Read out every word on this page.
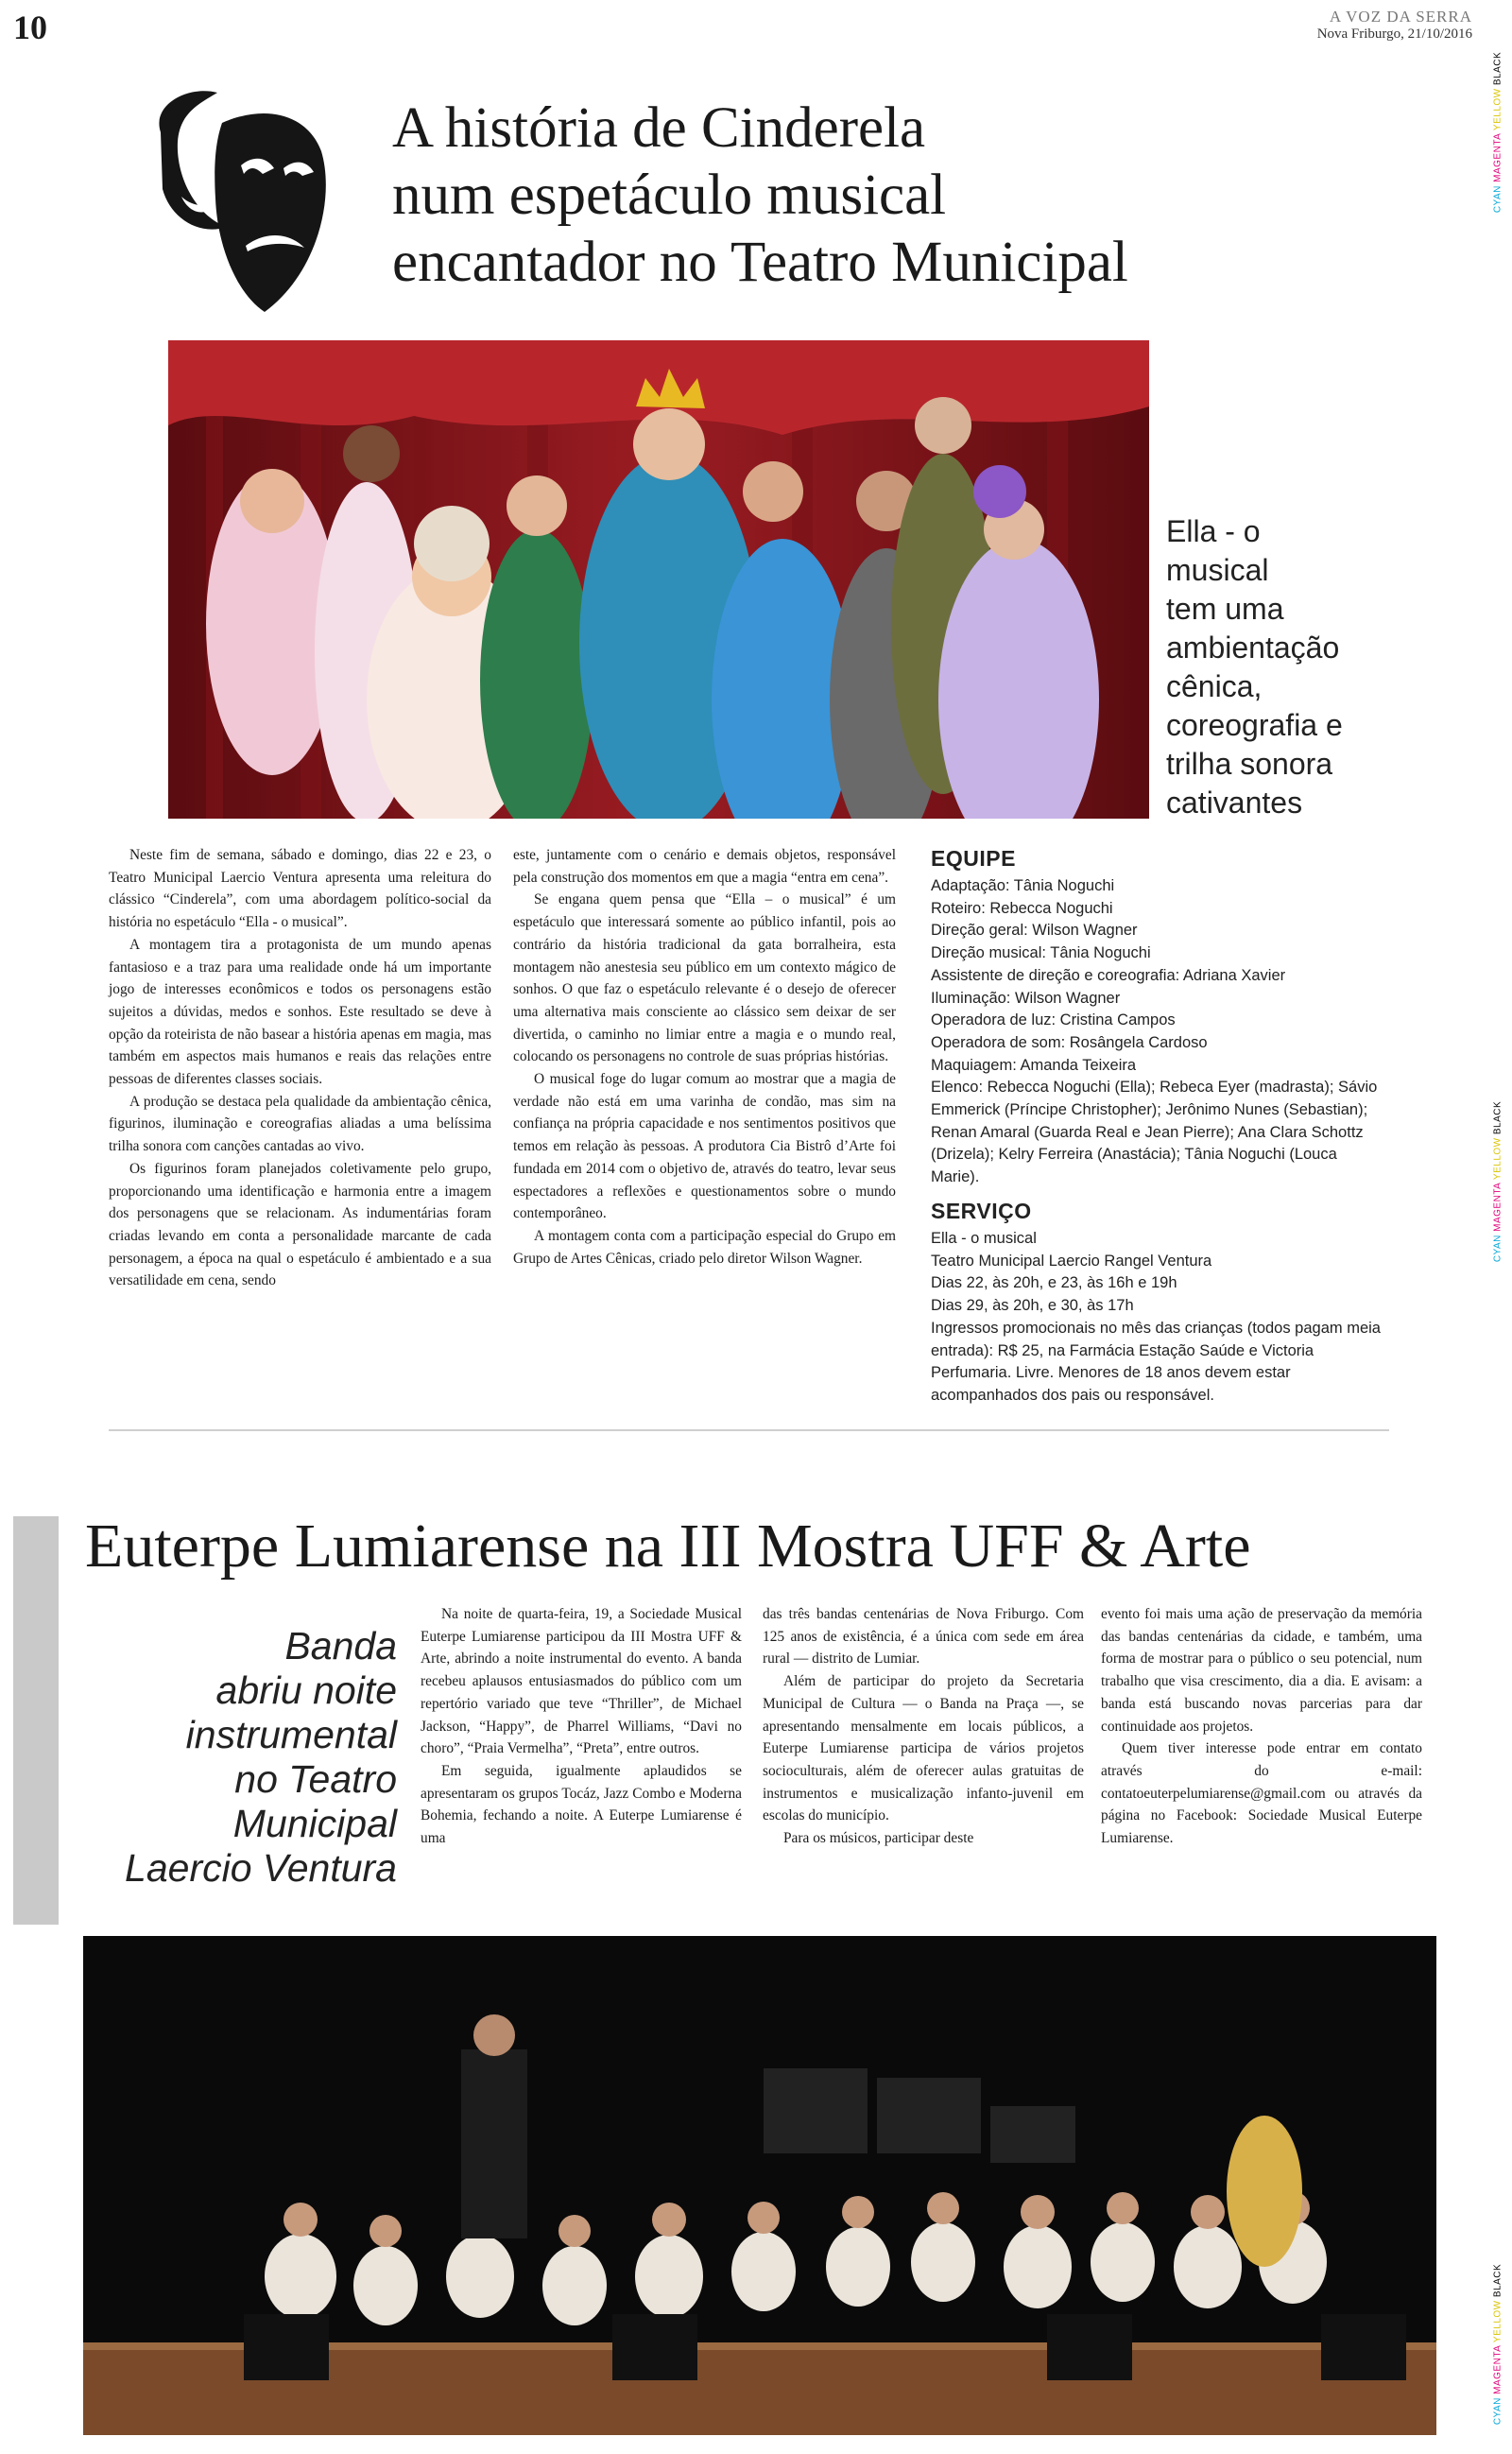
10	A VOZ DA SERRA
Nova Friburgo, 21/10/2016
CYAN MAGENTA YELLOW BLACK
CYAN MAGENTA YELLOW BLACK
CYAN MAGENTA YELLOW BLACK
A história de Cinderela
num espetáculo musical
encantador no Teatro Municipal
Ella - o
musical
tem uma
ambientação
cênica,
coreografia e
trilha sonora
cativantes

Neste fim de semana, sábado e domingo, dias 22 e 23, o Teatro Municipal Laercio Ventura apresenta uma releitura do clássico “Cinderela”, com uma abordagem político-social da história no espetáculo “Ella - o musical”.

A montagem tira a protagonista de um mundo apenas fantasioso e a traz para uma realidade onde há um importante jogo de interesses econômicos e todos os personagens estão sujeitos a dúvidas, medos e sonhos. Este resultado se deve à opção da roteirista de não basear a história apenas em magia, mas também em aspectos mais humanos e reais das relações entre pessoas de diferentes classes sociais.

A produção se destaca pela qualidade da ambientação cênica, figurinos, iluminação e coreografias aliadas a uma belíssima trilha sonora com canções cantadas ao vivo.

Os figurinos foram planejados coletivamente pelo grupo, proporcionando uma identificação e harmonia entre a imagem dos personagens que se relacionam. As indumentárias foram criadas levando em conta a personalidade marcante de cada personagem, a época na qual o espetáculo é ambientado e a sua versatilidade em cena, sendo

este, juntamente com o cenário e demais objetos, responsável pela construção dos momentos em que a magia “entra em cena”.

Se engana quem pensa que “Ella – o musical” é um espetáculo que interessará somente ao público infantil, pois ao contrário da história tradicional da gata borralheira, esta montagem não anestesia seu público em um contexto mágico de sonhos. O que faz o espetáculo relevante é o desejo de oferecer uma alternativa mais consciente ao clássico sem deixar de ser divertida, o caminho no limiar entre a magia e o mundo real, colocando os personagens no controle de suas próprias histórias.

O musical foge do lugar comum ao mostrar que a magia de verdade não está em uma varinha de condão, mas sim na confiança na própria capacidade e nos sentimentos positivos que temos em relação às pessoas. A produtora Cia Bistrô d’Arte foi fundada em 2014 com o objetivo de, através do teatro, levar seus espectadores a reflexões e questionamentos sobre o mundo contemporâneo.

A montagem conta com a participação especial do Grupo em Grupo de Artes Cênicas, criado pelo diretor Wilson Wagner.

EQUIPE
Adaptação: Tânia Noguchi
Roteiro: Rebecca Noguchi
Direção geral: Wilson Wagner
Direção musical: Tânia Noguchi
Assistente de direção e coreografia: Adriana Xavier
Iluminação: Wilson Wagner
Operadora de luz: Cristina Campos
Operadora de som: Rosângela Cardoso
Maquiagem: Amanda Teixeira
Elenco: Rebecca Noguchi (Ella); Rebeca Eyer (madrasta); Sávio Emmerick (Príncipe Christopher); Jerônimo Nunes (Sebastian); Renan Amaral (Guarda Real e Jean Pierre); Ana Clara Schottz (Drizela); Kelry Ferreira (Anastácia); Tânia Noguchi (Louca Marie).
SERVIÇO
Ella - o musical
Teatro Municipal Laercio Rangel Ventura
Dias 22, às 20h, e 23, às 16h e 19h
Dias 29, às 20h, e 30, às 17h
Ingressos promocionais no mês das crianças (todos pagam meia entrada): R$ 25, na Farmácia Estação Saúde e Victoria Perfumaria. Livre. Menores de 18 anos devem estar acompanhados dos pais ou responsável.
Euterpe Lumiarense na III Mostra UFF & Arte
Banda
abriu noite
instrumental
no Teatro
Municipal
Laercio Ventura

Na noite de quarta-feira, 19, a Sociedade Musical Euterpe Lumiarense participou da III Mostra UFF & Arte, abrindo a noite instrumental do evento. A banda recebeu aplausos entusiasmados do público com um repertório variado que teve “Thriller”, de Michael Jackson, “Happy”, de Pharrel Williams, “Davi no choro”, “Praia Vermelha”, “Preta”, entre outros.

Em seguida, igualmente aplaudidos se apresentaram os grupos Tocáz, Jazz Combo e Moderna Bohemia, fechando a noite. A Euterpe Lumiarense é uma

das três bandas centenárias de Nova Friburgo. Com 125 anos de existência, é a única com sede em área rural — distrito de Lumiar.

Além de participar do projeto da Secretaria Municipal de Cultura — o Banda na Praça —, se apresentando mensalmente em locais públicos, a Euterpe Lumiarense participa de vários projetos socioculturais, além de oferecer aulas gratuitas de instrumentos e musicalização infanto-juvenil em escolas do município.

Para os músicos, participar deste

evento foi mais uma ação de preservação da memória das bandas centenárias da cidade, e também, uma forma de mostrar para o público o seu potencial, num trabalho que visa crescimento, dia a dia. E avisam: a banda está buscando novas parcerias para dar continuidade aos projetos.

Quem tiver interesse pode entrar em contato através do e-mail: contatoeuterpelumiarense@gmail.com ou através da página no Facebook: Sociedade Musical Euterpe Lumiarense.
